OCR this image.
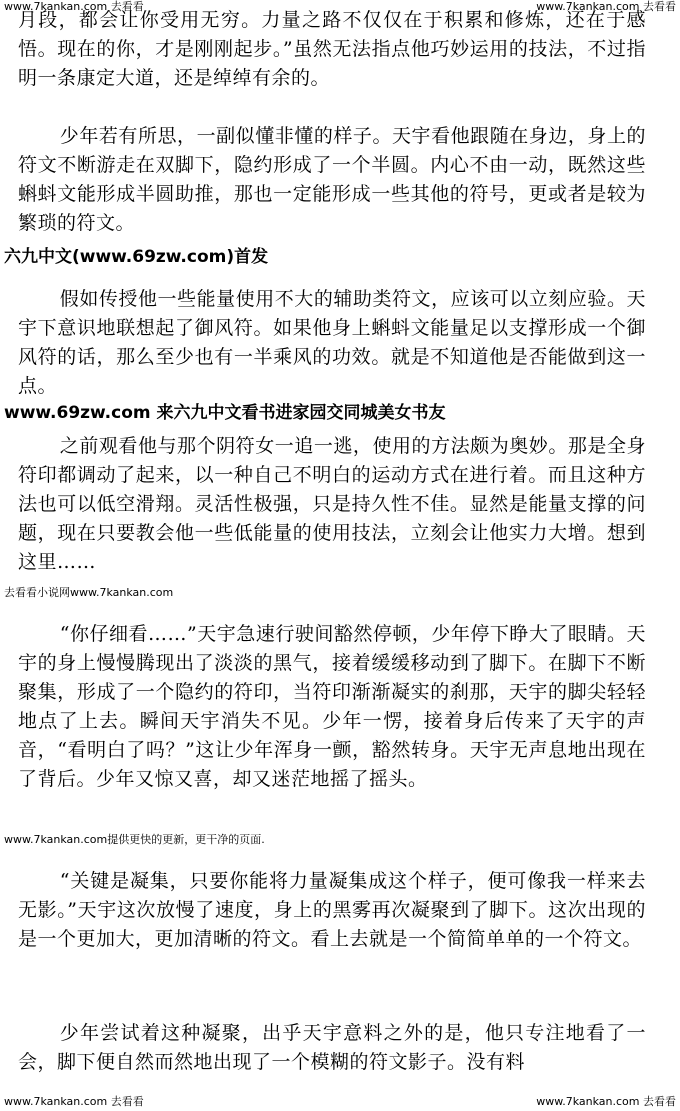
www.7kankan.com 去看看	www.7kankan.com 去看看

月段，都会让你受用无穷。力量之路不仅仅在于积累和修炼，还在于感悟。现在的你，才是刚刚起步。”虽然无法指点他巧妙运用的技法，不过指明一条康定大道，还是绰绰有余的。

少年若有所思，一副似懂非懂的样子。天宇看他跟随在身边，身上的符文不断游走在双脚下，隐约形成了一个半圆。内心不由一动，既然这些蝌蚪文能形成半圆助推，那也一定能形成一些其他的符号，更或者是较为繁琐的符文。

六九中文(www.69zw.com)首发

假如传授他一些能量使用不大的辅助类符文，应该可以立刻应验。天宇下意识地联想起了御风符。如果他身上蝌蚪文能量足以支撑形成一个御风符的话，那么至少也有一半乘风的功效。就是不知道他是否能做到这一点。

www.69zw.com 来六九中文看书进家园交同城美女书友

之前观看他与那个阴符女一追一逃，使用的方法颇为奥妙。那是全身符印都调动了起来，以一种自己不明白的运动方式在进行着。而且这种方法也可以低空滑翔。灵活性极强，只是持久性不佳。显然是能量支撑的问题，现在只要教会他一些低能量的使用技法，立刻会让他实力大增。想到这里……

去看看小说网www.7kankan.com

“你仔细看……”天宇急速行驶间豁然停顿，少年停下睁大了眼睛。天宇的身上慢慢腾现出了淡淡的黑气，接着缓缓移动到了脚下。在脚下不断聚集，形成了一个隐约的符印，当符印渐渐凝实的刹那，天宇的脚尖轻轻地点了上去。瞬间天宇消失不见。少年一愣，接着身后传来了天宇的声音，“看明白了吗？”这让少年浑身一颤，豁然转身。天宇无声息地出现在了背后。少年又惊又喜，却又迷茫地摇了摇头。

www.7kankan.com提供更快的更新，更干净的页面.

“关键是凝集，只要你能将力量凝集成这个样子，便可像我一样来去无影。”天宇这次放慢了速度，身上的黑雾再次凝聚到了脚下。这次出现的是一个更加大，更加清晰的符文。看上去就是一个简简单单的一个符文。

少年尝试着这种凝聚，出乎天宇意料之外的是，他只专注地看了一会，脚下便自然而然地出现了一个模糊的符文影子。没有料

www.7kankan.com 去看看	www.7kankan.com 去看看
